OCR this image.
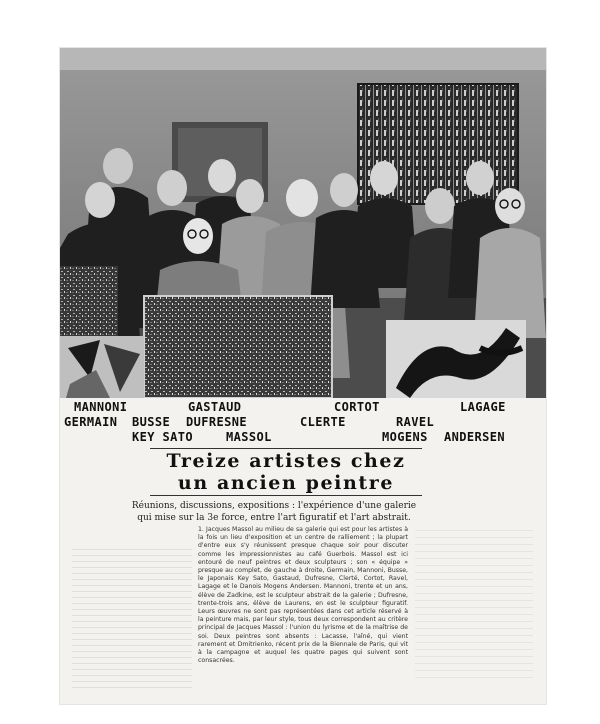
MANNONI	GASTAUD	CORTOT	LAGAGE
GERMAIN BUSSE DUFRESNE	CLERTE	RAVEL
KEY SATO	MASSOL	MOGENS ANDERSEN
Treize artistes chez
un ancien peintre
Réunions, discussions, expositions : l'expérience d'une galerie qui mise sur la 3e force, entre l'art figuratif et l'art abstrait.
1. Jacques Massol au milieu de sa galerie qui est pour les artistes à la fois un lieu d'exposition et un centre de ralliement ; la plupart d'entre eux s'y réunissent presque chaque soir pour discuter comme les impressionnistes au café Guerbois. Massol est ici entouré de neuf peintres et deux sculpteurs ; son « équipe » presque au complet, de gauche à droite, Germain, Mannoni, Busse, le Japonais Key Sato, Gastaud, Dufresne, Clerté, Cortot, Ravel, Lagage et le Danois Mogens Andersen. Mannoni, trente et un ans, élève de Zadkine, est le sculpteur abstrait de la galerie ; Dufresne, trente-trois ans, élève de Laurens, en est le sculpteur figuratif. Leurs œuvres ne sont pas représentées dans cet article réservé à la peinture mais, par leur style, tous deux correspondent au critère principal de Jacques Massol : l'union du lyrisme et de la maîtrise de soi. Deux peintres sont absents : Lacasse, l'aîné, qui vient rarement et Dmitrienko, récent prix de la Biennale de Paris, qui vit à la campagne et auquel les quatre pages qui suivent sont consacrées.
